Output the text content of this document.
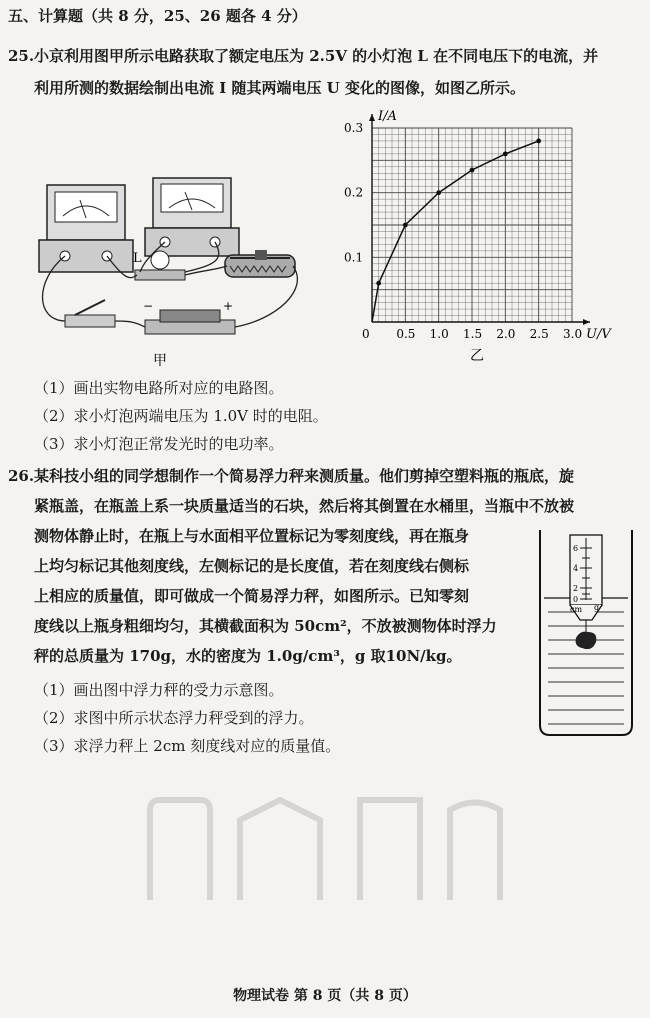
五、计算题（共 8 分，25、26 题各 4 分）
25. 小京利用图甲所示电路获取了额定电压为 2.5V 的小灯泡 L 在不同电压下的电流，并
利用所测的数据绘制出电流 I 随其两端电压 U 变化的图像，如图乙所示。
L
−	+
甲
0 0.5 1.0 1.5 2.0 2.5 3.0
0.1
0.2
0.3
I/A
U/V
乙
（1）画出实物电路所对应的电路图。
（2）求小灯泡两端电压为 1.0V 时的电阻。
（3）求小灯泡正常发光时的电功率。
26. 某科技小组的同学想制作一个简易浮力秤来测质量。他们剪掉空塑料瓶的瓶底，旋
紧瓶盖，在瓶盖上系一块质量适当的石块，然后将其倒置在水桶里，当瓶中不放被
测物体静止时，在瓶上与水面相平位置标记为零刻度线，再在瓶身
上均匀标记其他刻度线，左侧标记的是长度值，若在刻度线右侧标
上相应的质量值，即可做成一个简易浮力秤，如图所示。已知零刻
度线以上瓶身粗细均匀，其横截面积为 50cm²，不放被测物体时浮力
秤的总质量为 170g，水的密度为 1.0g/cm³，g 取10N/kg。
（1）画出图中浮力秤的受力示意图。
（2）求图中所示状态浮力秤受到的浮力。
（3）求浮力秤上 2cm 刻度线对应的质量值。
6
4
2
0
cm g
物理试卷 第 8 页（共 8 页）
